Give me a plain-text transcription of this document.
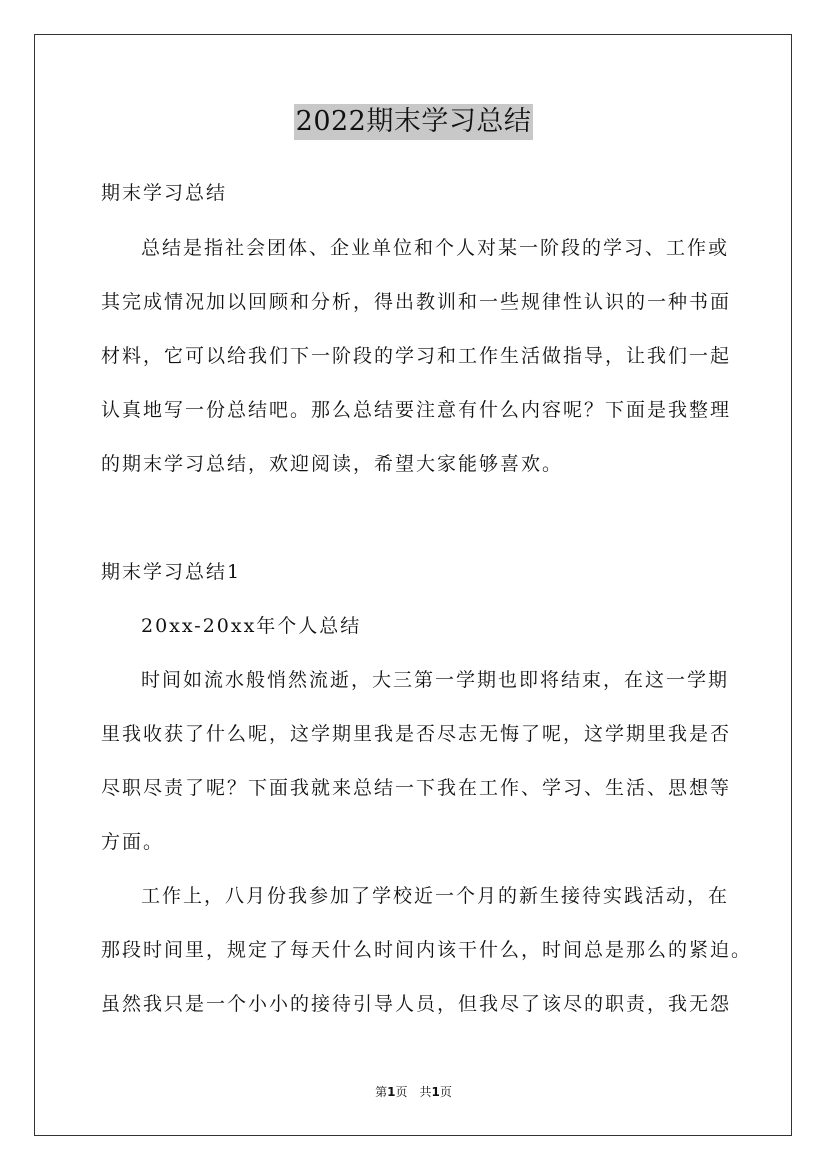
2022期末学习总结
期末学习总结
总结是指社会团体、企业单位和个人对某一阶段的学习、工作或
其完成情况加以回顾和分析，得出教训和一些规律性认识的一种书面
材料，它可以给我们下一阶段的学习和工作生活做指导，让我们一起
认真地写一份总结吧。那么总结要注意有什么内容呢？下面是我整理
的期末学习总结，欢迎阅读，希望大家能够喜欢。
期末学习总结1
20xx-20xx年个人总结
时间如流水般悄然流逝，大三第一学期也即将结束，在这一学期
里我收获了什么呢，这学期里我是否尽志无悔了呢，这学期里我是否
尽职尽责了呢？下面我就来总结一下我在工作、学习、生活、思想等
方面。
工作上，八月份我参加了学校近一个月的新生接待实践活动，在
那段时间里，规定了每天什么时间内该干什么，时间总是那么的紧迫。
虽然我只是一个小小的接待引导人员，但我尽了该尽的职责，我无怨
第1页　共1页
